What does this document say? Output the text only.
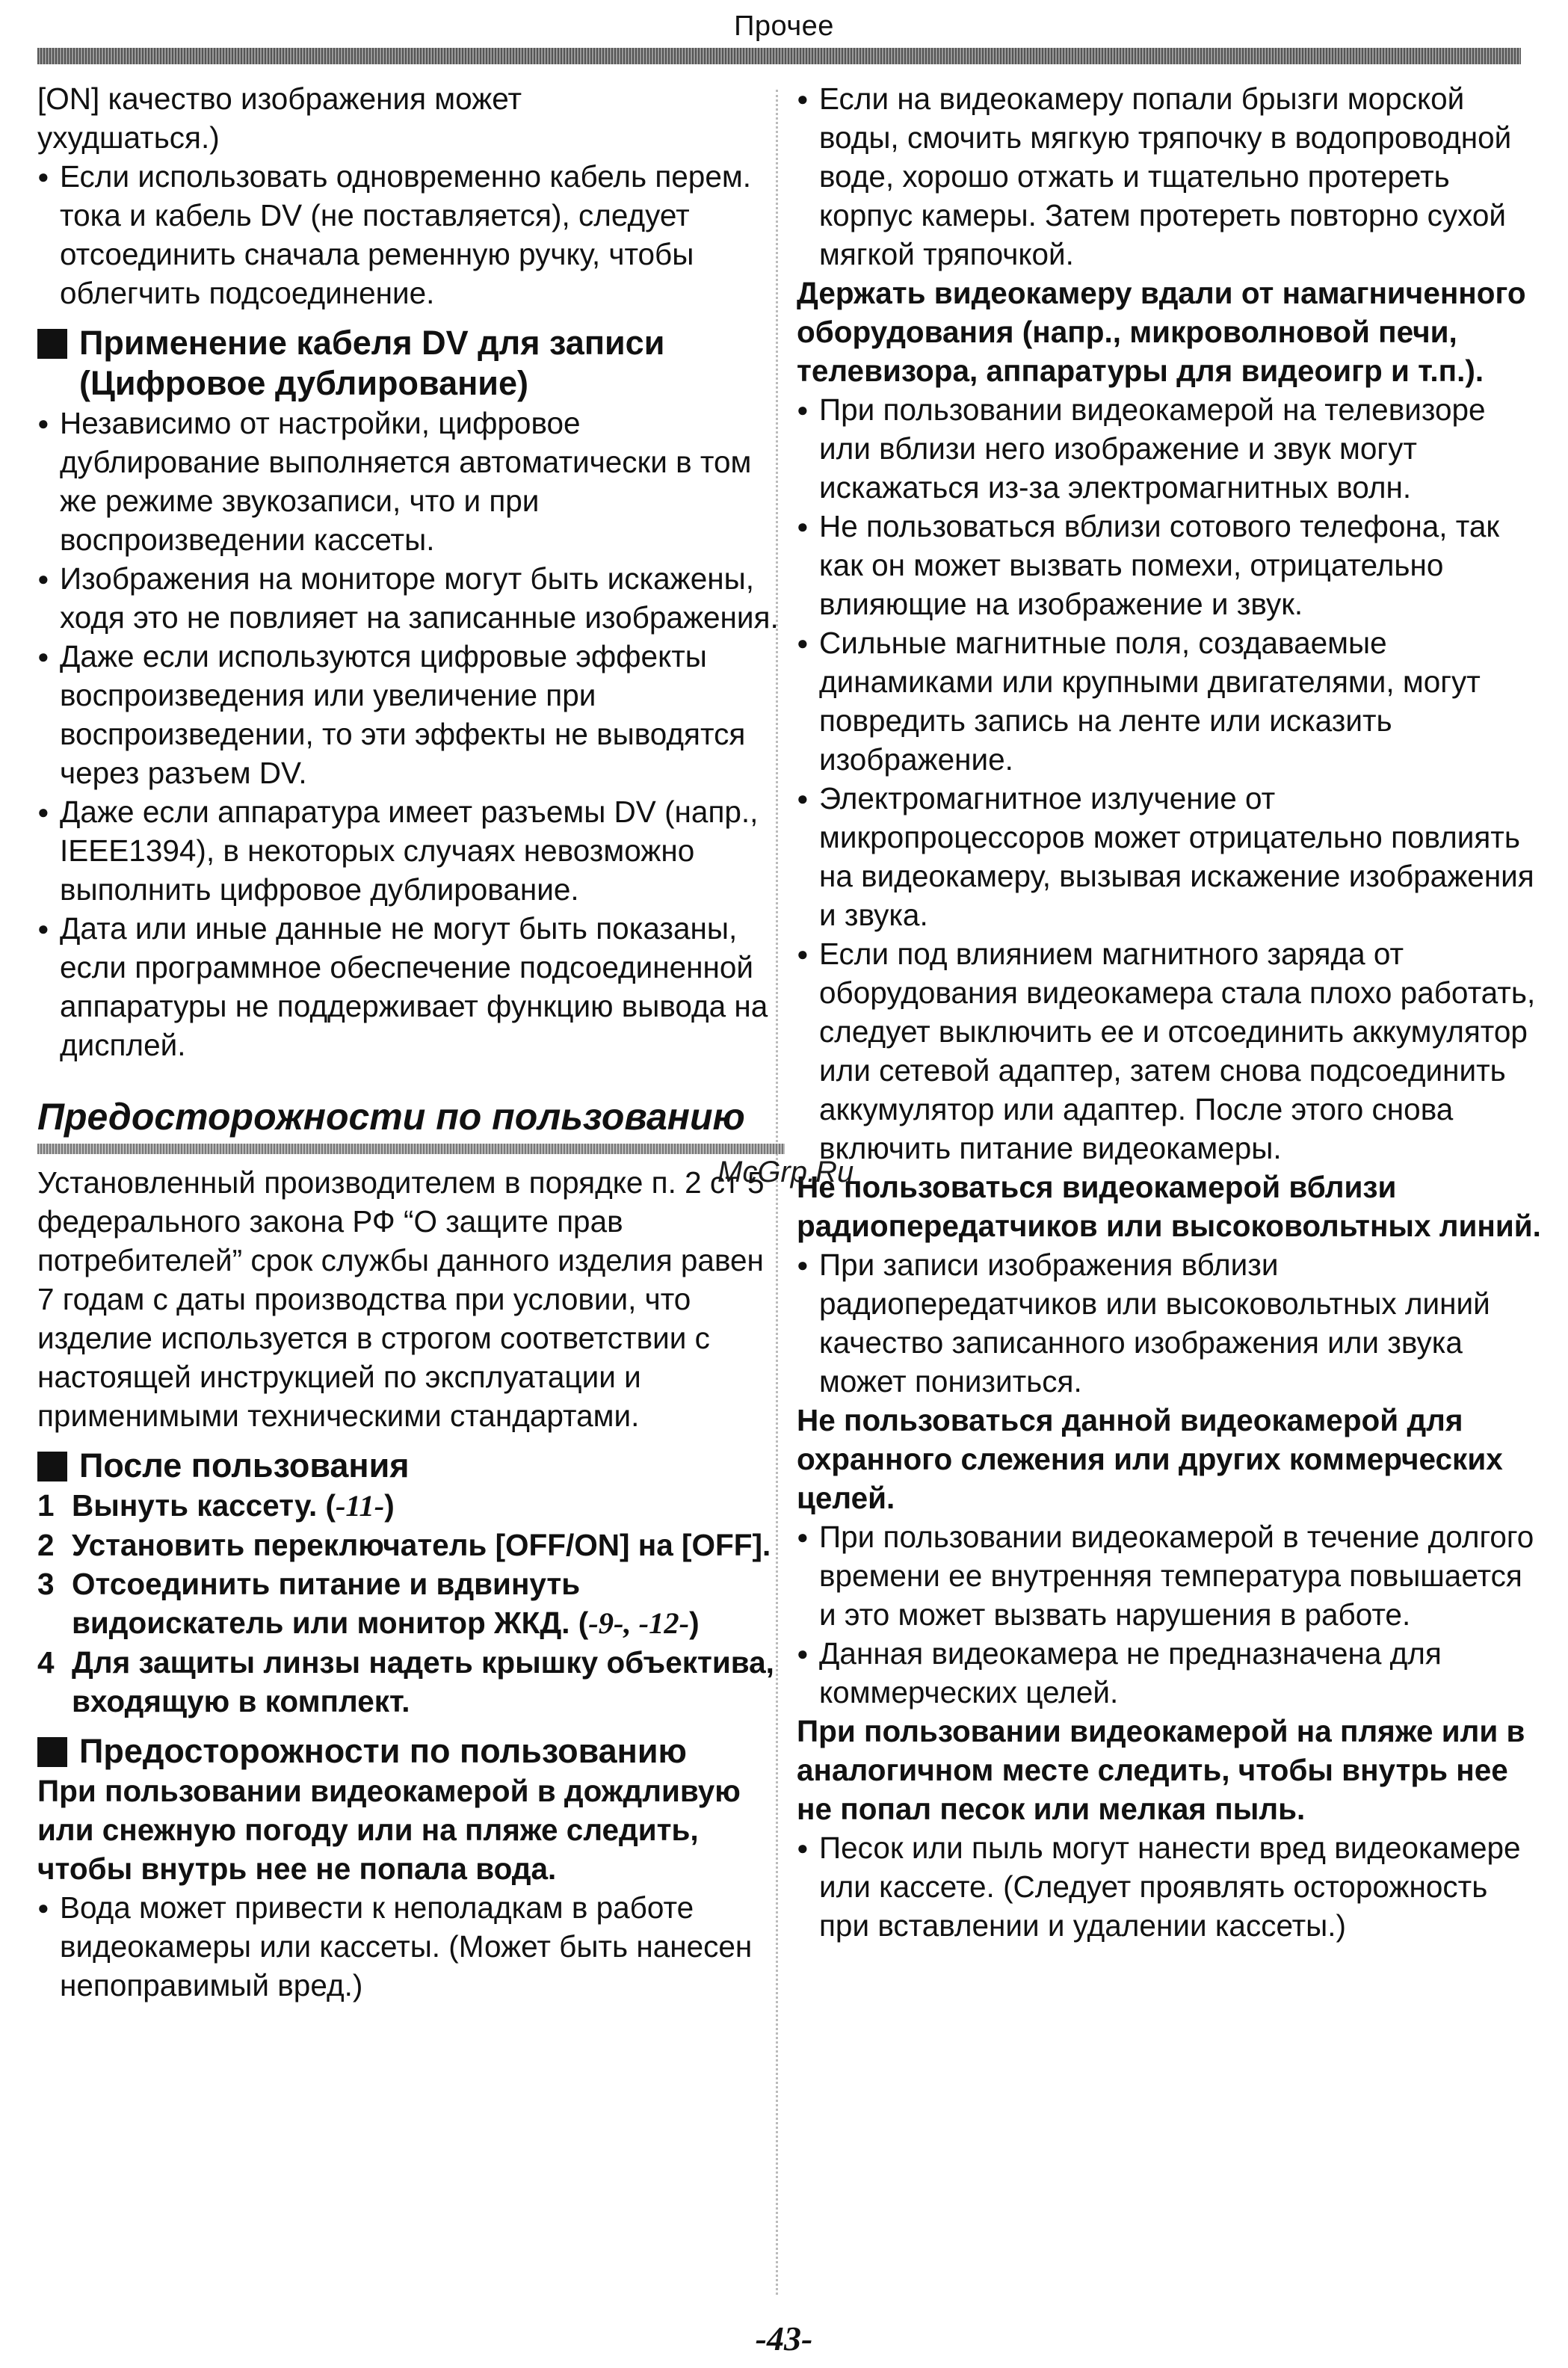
Прочее

[ON] качество изображения может

ухудшаться.)

● Если использовать одновременно кабель перем. тока и кабель DV (не поставляется), следует отсоединить сначала ременную ручку, чтобы облегчить подсоединение.

Применение кабеля DV для записи (Цифровое дублирование)

● Независимо от настройки, цифровое дублирование выполняется автоматически в том же режиме звукозаписи, что и при воспроизведении кассеты.

● Изображения на мониторе могут быть искажены, ходя это не повлияет на записанные изображения.

● Даже если используются цифровые эффекты воспроизведения или увеличение при воспроизведении, то эти эффекты не выводятся через разъем DV.

● Даже если аппаратура имеет разъемы DV (напр., IEEE1394), в некоторых случаях невозможно выполнить цифровое дублирование.

● Дата или иные данные не могут быть показаны, если программное обеспечение подсоединенной аппаратуры не поддерживает функцию вывода на дисплей.

Предосторожности по пользованию

Установленный производителем в порядке п. 2 ст 5 федерального закона РФ “О защите прав потребителей” срок службы данного изделия равен 7 годам с даты производства при условии, что изделие используется в строгом соответствии с настоящей инструкцией по эксплуатации и применимыми техническими стандартами.

После пользования
1 Вынуть кассету. (-11-)
2 Установить переключатель [OFF/ON] на [OFF].
3 Отсоединить питание и вдвинуть видоискатель или монитор ЖКД. (-9-, -12-)
4 Для защиты линзы надеть крышку объектива, входящую в комплект.
Предосторожности по пользованию

При пользовании видеокамерой в дождливую или снежную погоду или на пляже следить, чтобы внутрь нее не попала вода.

● Вода может привести к неполадкам в работе видеокамеры или кассеты. (Может быть нанесен непоправимый вред.)

● Если на видеокамеру попали брызги морской воды, смочить мягкую тряпочку в водопроводной воде, хорошо отжать и тщательно протереть корпус камеры. Затем протереть повторно сухой мягкой тряпочкой.

Держать видеокамеру вдали от намагниченного оборудования (напр., микроволновой печи, телевизора, аппаратуры для видеоигр и т.п.).

● При пользовании видеокамерой на телевизоре или вблизи него изображение и звук могут искажаться из-за электромагнитных волн.

● Не пользоваться вблизи сотового телефона, так как он может вызвать помехи, отрицательно влияющие на изображение и звук.

● Сильные магнитные поля, создаваемые динамиками или крупными двигателями, могут повредить запись на ленте или исказить изображение.

● Электромагнитное излучение от микропроцессоров может отрицательно повлиять на видеокамеру, вызывая искажение изображения и звука.

● Если под влиянием магнитного заряда от оборудования видеокамера стала плохо работать, следует выключить ее и отсоединить аккумулятор или сетевой адаптер, затем снова подсоединить аккумулятор или адаптер. После этого снова включить питание видеокамеры.

Не пользоваться видеокамерой вблизи радиопередатчиков или высоковольтных линий.

● При записи изображения вблизи радиопередатчиков или высоковольтных линий качество записанного изображения или звука может понизиться.

Не пользоваться данной видеокамерой для охранного слежения или других коммерческих целей.

● При пользовании видеокамерой в течение долгого времени ее внутренняя температура повышается и это может вызвать нарушения в работе.

● Данная видеокамера не предназначена для коммерческих целей.

При пользовании видеокамерой на пляже или в аналогичном месте следить, чтобы внутрь нее не попал песок или мелкая пыль.

● Песок или пыль могут нанести вред видеокамере или кассете. (Следует проявлять осторожность при вставлении и удалении кассеты.)

McGrp.Ru
-43-
